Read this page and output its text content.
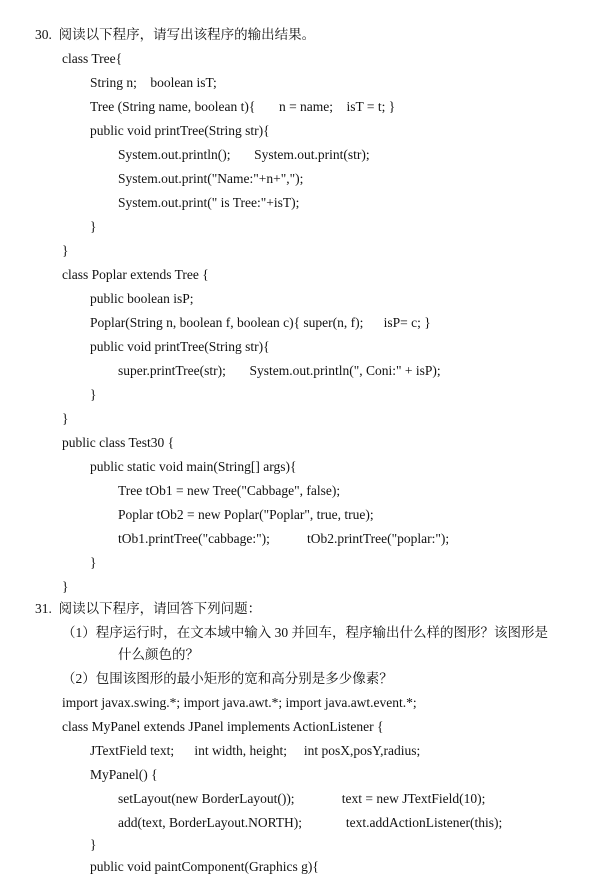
30.  阅读以下程序，请写出该程序的输出结果。
class Tree{
String n;    boolean isT;
Tree (String name, boolean t){       n = name;    isT = t; }
public void printTree(String str){
System.out.println();       System.out.print(str);
System.out.print("Name:"+n+",");
System.out.print(" is Tree:"+isT);
}
}
class Poplar extends Tree {
public boolean isP;
Poplar(String n, boolean f, boolean c){ super(n, f);      isP= c; }
public void printTree(String str){
super.printTree(str);       System.out.println(", Coni:" + isP);
}
}
public class Test30 {
public static void main(String[] args){
Tree tOb1 = new Tree("Cabbage", false);
Poplar tOb2 = new Poplar("Poplar", true, true);
tOb1.printTree("cabbage:");           tOb2.printTree("poplar:");
}
}
31.  阅读以下程序，请回答下列问题：
（1）程序运行时，在文本域中输入 30 并回车，程序输出什么样的图形？该图形是
什么颜色的？
（2）包围该图形的最小矩形的宽和高分别是多少像素？
import javax.swing.*; import java.awt.*; import java.awt.event.*;
class MyPanel extends JPanel implements ActionListener {
JTextField text;      int width, height;     int posX,posY,radius;
MyPanel() {
setLayout(new BorderLayout());              text = new JTextField(10);
add(text, BorderLayout.NORTH);             text.addActionListener(this);
}
public void paintComponent(Graphics g){
